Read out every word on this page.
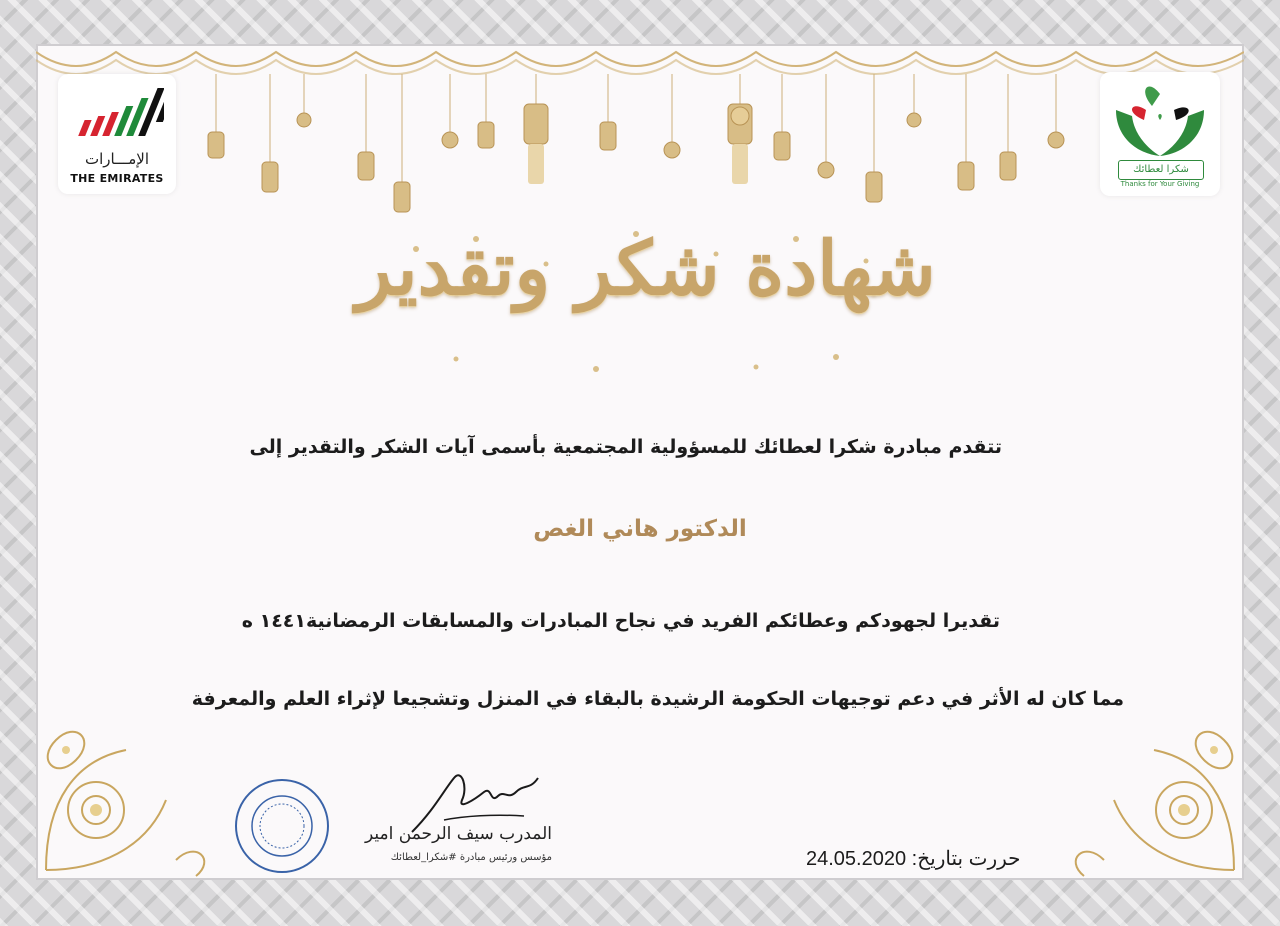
الإمـــارات
THE EMIRATES
شكرا لعطائك
Thanks for Your Giving
شهادة شكر وتقدير
تتقدم مبادرة شكرا لعطائك للمسؤولية المجتمعية بأسمى آيات الشكر والتقدير إلى
الدكتور هاني الغص
تقديرا لجهودكم وعطائكم الفريد في نجاح المبادرات والمسابقات الرمضانية١٤٤١ ه
مما كان له الأثر في دعم توجيهات الحكومة الرشيدة بالبقاء في المنزل وتشجيعا لإثراء العلم والمعرفة
المدرب سيف الرحمن امير
مؤسس ورئيس مبادرة #شكرا_لعطائك	حررت بتاريخ: 24.05.2020
